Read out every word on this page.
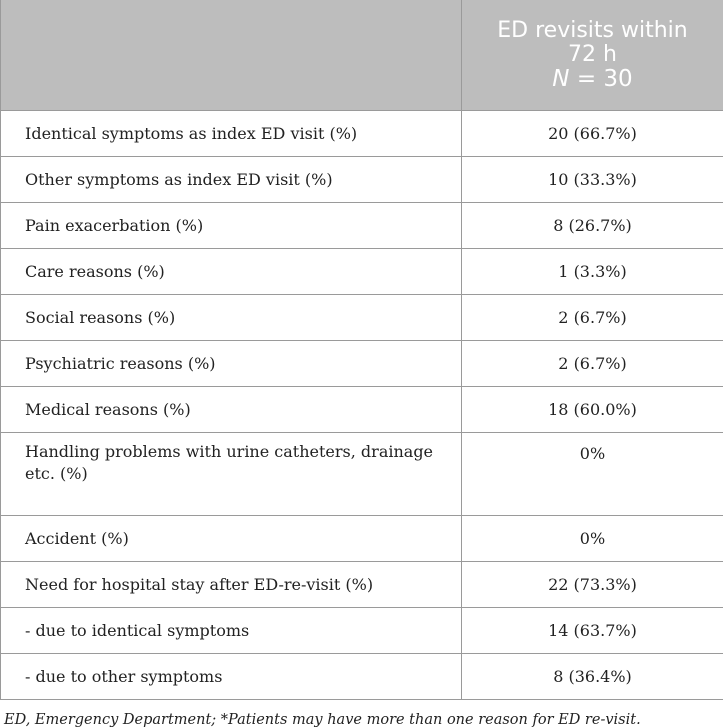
	ED revisits within
72 h
N = 30

Identical symptoms as index ED visit (%)	20 (66.7%)
Other symptoms as index ED visit (%)	10 (33.3%)
Pain exacerbation (%)	8 (26.7%)
Care reasons (%)	1 (3.3%)
Social reasons (%)	2 (6.7%)
Psychiatric reasons (%)	2 (6.7%)
Medical reasons (%)	18 (60.0%)
Handling problems with urine catheters, drainage etc. (%)	0%
Accident (%)	0%
Need for hospital stay after ED-re-visit (%)	22 (73.3%)
- due to identical symptoms	14 (63.7%)
- due to other symptoms	8 (36.4%)
ED, Emergency Department; *Patients may have more than one reason for ED re-visit.
